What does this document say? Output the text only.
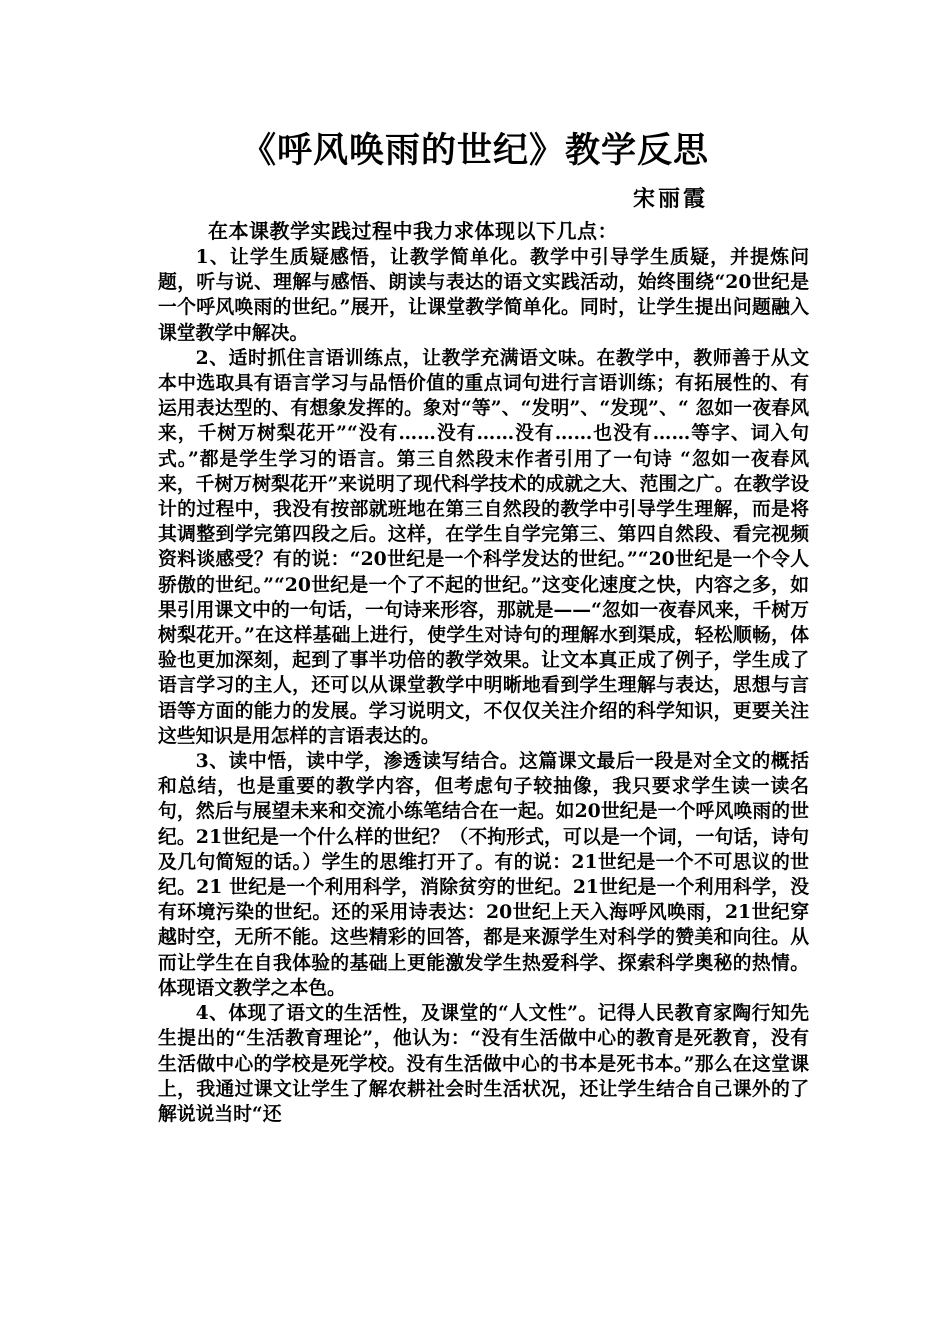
《呼风唤雨的世纪》教学反思
宋丽霞

在本课教学实践过程中我力求体现以下几点：

1、让学生质疑感悟，让教学简单化。教学中引导学生质疑，并提炼问题，听与说、理解与感悟、朗读与表达的语文实践活动，始终围绕“20世纪是一个呼风唤雨的世纪。”展开，让课堂教学简单化。同时，让学生提出问题融入课堂教学中解决。

2、适时抓住言语训练点，让教学充满语文味。在教学中，教师善于从文本中选取具有语言学习与品悟价值的重点词句进行言语训练；有拓展性的、有运用表达型的、有想象发挥的。象对“等”、“发明”、“发现”、“ 忽如一夜春风来，千树万树梨花开”“没有……没有……没有……也没有……等字、词入句式。”都是学生学习的语言。第三自然段末作者引用了一句诗 “忽如一夜春风来，千树万树梨花开”来说明了现代科学技术的成就之大、范围之广。在教学设计的过程中，我没有按部就班地在第三自然段的教学中引导学生理解，而是将其调整到学完第四段之后。这样，在学生自学完第三、第四自然段、看完视频资料谈感受？有的说：“20世纪是一个科学发达的世纪。”“20世纪是一个令人骄傲的世纪。”“20世纪是一个了不起的世纪。”这变化速度之快，内容之多，如果引用课文中的一句话，一句诗来形容，那就是——“忽如一夜春风来，千树万树梨花开。”在这样基础上进行，使学生对诗句的理解水到渠成，轻松顺畅，体验也更加深刻，起到了事半功倍的教学效果。让文本真正成了例子，学生成了语言学习的主人，还可以从课堂教学中明晰地看到学生理解与表达，思想与言语等方面的能力的发展。学习说明文，不仅仅关注介绍的科学知识，更要关注这些知识是用怎样的言语表达的。

3、读中悟，读中学，渗透读写结合。这篇课文最后一段是对全文的概括和总结，也是重要的教学内容，但考虑句子较抽像，我只要求学生读一读名句，然后与展望未来和交流小练笔结合在一起。如20世纪是一个呼风唤雨的世纪。21世纪是一个什么样的世纪？（不拘形式，可以是一个词，一句话，诗句及几句简短的话。）学生的思维打开了。有的说：21世纪是一个不可思议的世纪。21 世纪是一个利用科学，消除贫穷的世纪。21世纪是一个利用科学，没有环境污染的世纪。还的采用诗表达：20世纪上天入海呼风唤雨，21世纪穿越时空，无所不能。这些精彩的回答，都是来源学生对科学的赞美和向往。从而让学生在自我体验的基础上更能激发学生热爱科学、探索科学奥秘的热情。体现语文教学之本色。

4、体现了语文的生活性，及课堂的“人文性”。记得人民教育家陶行知先生提出的“生活教育理论”，他认为：“没有生活做中心的教育是死教育，没有生活做中心的学校是死学校。没有生活做中心的书本是死书本。”那么在这堂课上，我通过课文让学生了解农耕社会时生活状况，还让学生结合自己课外的了解说说当时“还
